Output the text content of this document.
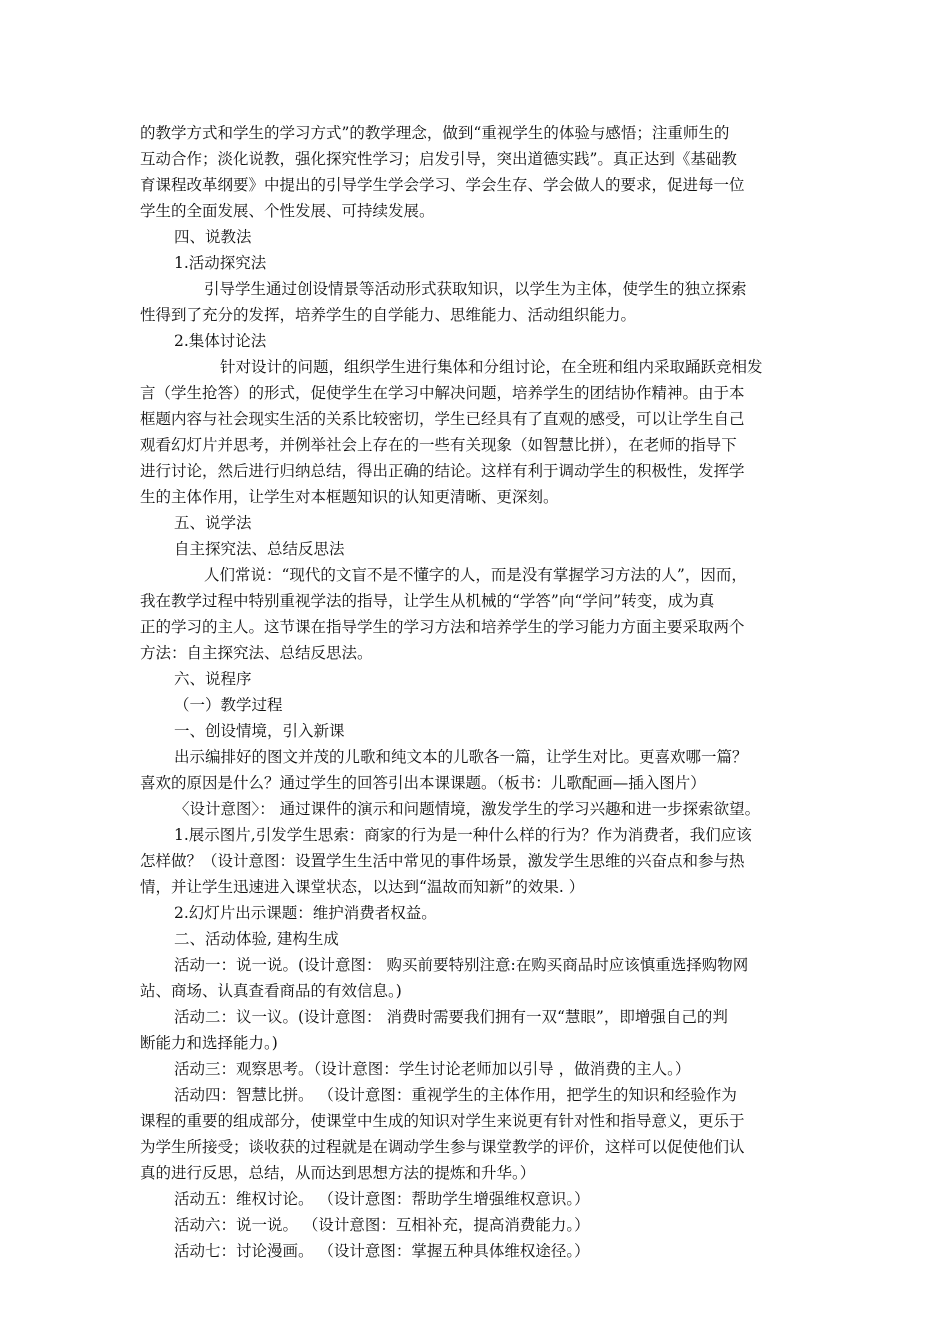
的教学方式和学生的学习方式”的教学理念，做到“重视学生的体验与感悟；注重师生的
互动合作；淡化说教，强化探究性学习；启发引导，突出道德实践”。真正达到《基础教
育课程改革纲要》中提出的引导学生学会学习、学会生存、学会做人的要求，促进每一位
学生的全面发展、个性发展、可持续发展。
四、说教法
1.活动探究法
引导学生通过创设情景等活动形式获取知识，以学生为主体，使学生的独立探索
性得到了充分的发挥，培养学生的自学能力、思维能力、活动组织能力。
2.集体讨论法
针对设计的问题，组织学生进行集体和分组讨论，在全班和组内采取踊跃竞相发
言（学生抢答）的形式，促使学生在学习中解决问题，培养学生的团结协作精神。由于本
框题内容与社会现实生活的关系比较密切，学生已经具有了直观的感受，可以让学生自己
观看幻灯片并思考，并例举社会上存在的一些有关现象（如智慧比拼），在老师的指导下
进行讨论，然后进行归纳总结，得出正确的结论。这样有利于调动学生的积极性，发挥学
生的主体作用，让学生对本框题知识的认知更清晰、更深刻。
五、说学法
自主探究法、总结反思法
人们常说：“现代的文盲不是不懂字的人，而是没有掌握学习方法的人”，因而，
我在教学过程中特别重视学法的指导，让学生从机械的“学答”向“学问”转变，成为真
正的学习的主人。这节课在指导学生的学习方法和培养学生的学习能力方面主要采取两个
方法：自主探究法、总结反思法。
六、说程序
（一）教学过程
一、创设情境，引入新课
出示编排好的图文并茂的儿歌和纯文本的儿歌各一篇，让学生对比。更喜欢哪一篇？
喜欢的原因是什么？通过学生的回答引出本课课题。（板书：儿歌配画—插入图片）
〈设计意图〉： 通过课件的演示和问题情境，激发学生的学习兴趣和进一步探索欲望。
1.展示图片,引发学生思索：商家的行为是一种什么样的行为？作为消费者，我们应该
怎样做？（设计意图：设置学生生活中常见的事件场景，激发学生思维的兴奋点和参与热
情，并让学生迅速进入课堂状态，以达到“温故而知新”的效果. ）
2.幻灯片出示课题：维护消费者权益。
二、活动体验, 建构生成
活动一：说一说。(设计意图： 购买前要特别注意:在购买商品时应该慎重选择购物网
站、商场、认真查看商品的有效信息。)
活动二：议一议。(设计意图： 消费时需要我们拥有一双“慧眼”，即增强自己的判
断能力和选择能力。)
活动三：观察思考。（设计意图：学生讨论老师加以引导 ，做消费的主人。）
活动四：智慧比拼。 （设计意图：重视学生的主体作用，把学生的知识和经验作为
课程的重要的组成部分，使课堂中生成的知识对学生来说更有针对性和指导意义，更乐于
为学生所接受；谈收获的过程就是在调动学生参与课堂教学的评价，这样可以促使他们认
真的进行反思，总结，从而达到思想方法的提炼和升华。）
活动五：维权讨论。 （设计意图：帮助学生增强维权意识。）
活动六：说一说。 （设计意图：互相补充，提高消费能力。）
活动七：讨论漫画。 （设计意图：掌握五种具体维权途径。）
